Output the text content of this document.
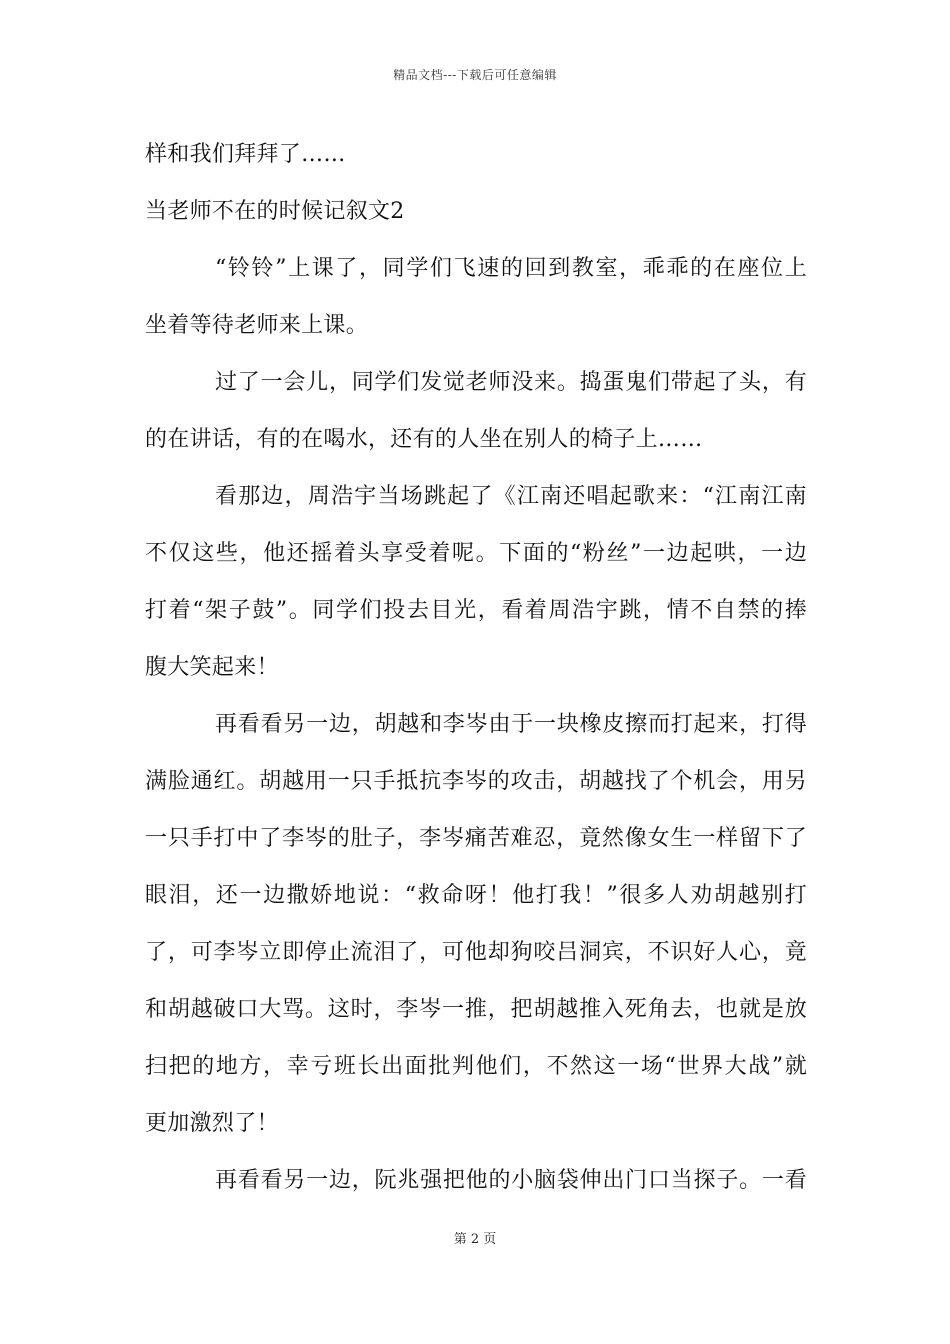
精品文档---下载后可任意编辑
样和我们拜拜了……
当老师不在的时候记叙文2
“铃铃”上课了，同学们飞速的回到教室，乖乖的在座位上
坐着等待老师来上课。
过了一会儿，同学们发觉老师没来。捣蛋鬼们带起了头，有
的在讲话，有的在喝水，还有的人坐在别人的椅子上……
看那边，周浩宇当场跳起了《江南还唱起歌来：“江南江南
不仅这些，他还摇着头享受着呢。下面的“粉丝”一边起哄，一边
打着“架子鼓”。同学们投去目光，看着周浩宇跳，情不自禁的捧
腹大笑起来！
再看看另一边，胡越和李岑由于一块橡皮擦而打起来，打得
满脸通红。胡越用一只手抵抗李岑的攻击，胡越找了个机会，用另
一只手打中了李岑的肚子，李岑痛苦难忍，竟然像女生一样留下了
眼泪，还一边撒娇地说：“救命呀！他打我！”很多人劝胡越别打
了，可李岑立即停止流泪了，可他却狗咬吕洞宾，不识好人心，竟
和胡越破口大骂。这时，李岑一推，把胡越推入死角去，也就是放
扫把的地方，幸亏班长出面批判他们，不然这一场“世界大战”就
更加激烈了！
再看看另一边，阮兆强把他的小脑袋伸出门口当探子。一看
第 2 页
